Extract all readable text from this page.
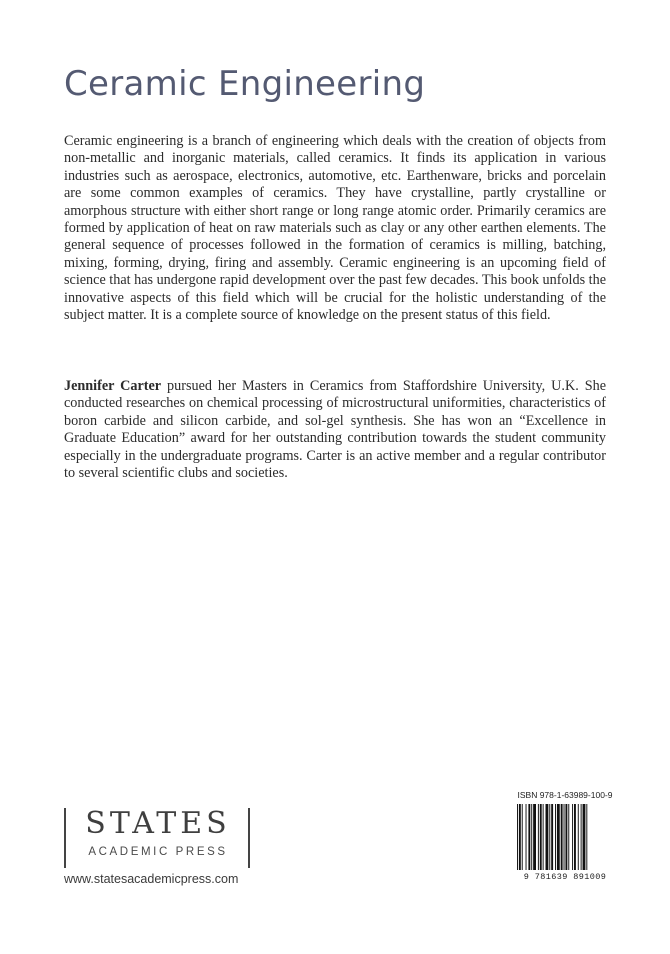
Ceramic Engineering

Ceramic engineering is a branch of engineering which deals with the creation of objects from non-metallic and inorganic materials, called ceramics. It finds its application in various industries such as aerospace, electronics, automotive, etc. Earthenware, bricks and porcelain are some common examples of ceramics. They have crystalline, partly crystalline or amorphous structure with either short range or long range atomic order. Primarily ceramics are formed by application of heat on raw materials such as clay or any other earthen elements. The general sequence of processes followed in the formation of ceramics is milling, batching, mixing, forming, drying, firing and assembly. Ceramic engineering is an upcoming field of science that has undergone rapid development over the past few decades. This book unfolds the innovative aspects of this field which will be crucial for the holistic understanding of the subject matter. It is a complete source of knowledge on the present status of this field.

Jennifer Carter pursued her Masters in Ceramics from Staffordshire University, U.K. She conducted researches on chemical processing of microstructural uniformities, characteristics of boron carbide and silicon carbide, and sol-gel synthesis. She has won an “Excellence in Graduate Education” award for her outstanding contribution towards the student community especially in the undergraduate programs. Carter is an active member and a regular contributor to several scientific clubs and societies.

STATES
ACADEMIC PRESS
www.statesacademicpress.com
ISBN 978-1-63989-100-9
9 781639 891009
